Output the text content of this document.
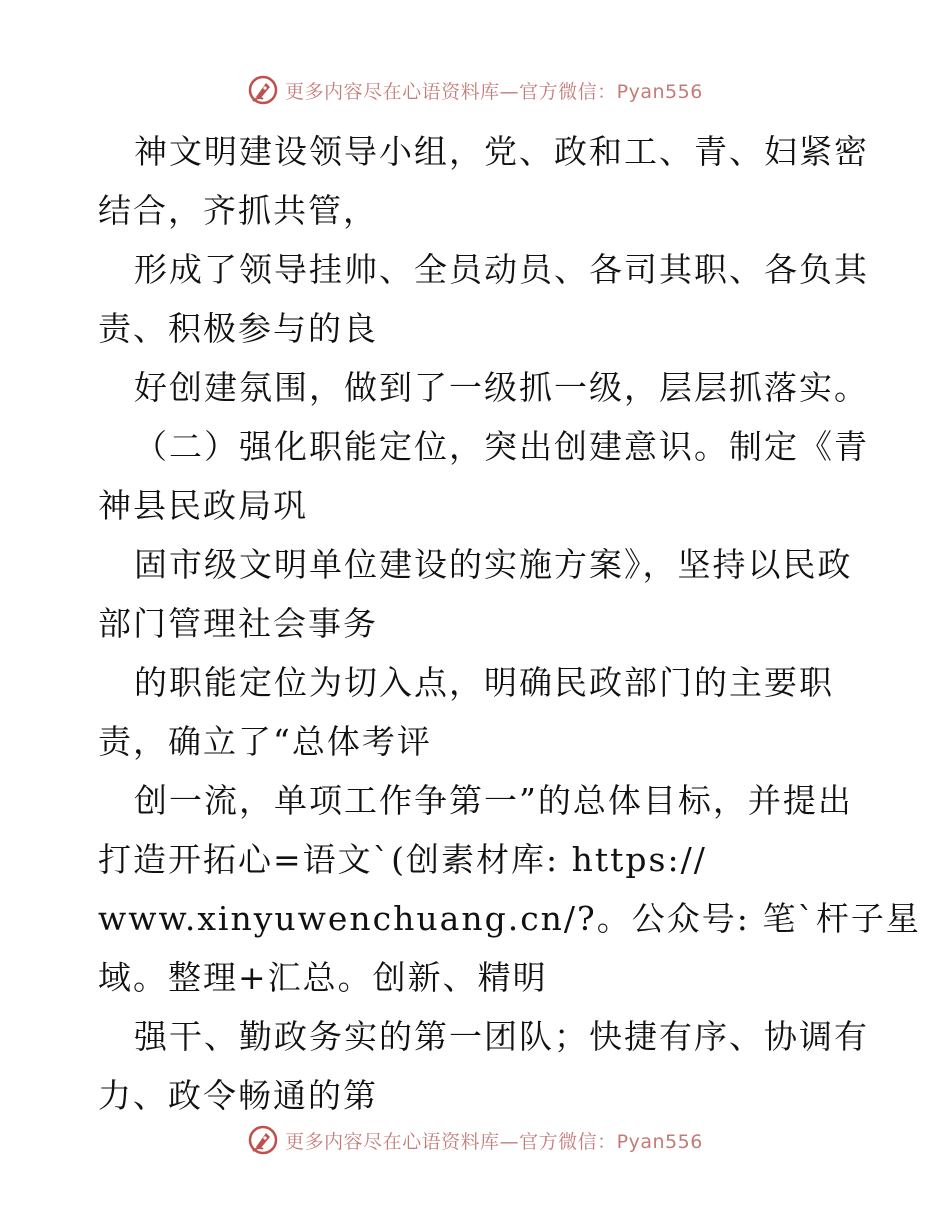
更多内容尽在心语资料库—官方微信：Pyan556
神文明建设领导小组，党、政和工、青、妇紧密
结合，齐抓共管，
形成了领导挂帅、全员动员、各司其职、各负其
责、积极参与的良
好创建氛围，做到了一级抓一级，层层抓落实。
（二）强化职能定位，突出创建意识。制定《青
神县民政局巩
固市级文明单位建设的实施方案》，坚持以民政
部门管理社会事务
的职能定位为切入点，明确民政部门的主要职
责，确立了“总体考评
创一流，单项工作争第一”的总体目标，并提出
打造开拓心=语文`(创素材库: https://
www.xinyuwenchuang.cn/?。公众号: 笔`杆子星
域。整理+汇总。创新、精明
强干、勤政务实的第一团队；快捷有序、协调有
力、政令畅通的第
更多内容尽在心语资料库—官方微信：Pyan556
